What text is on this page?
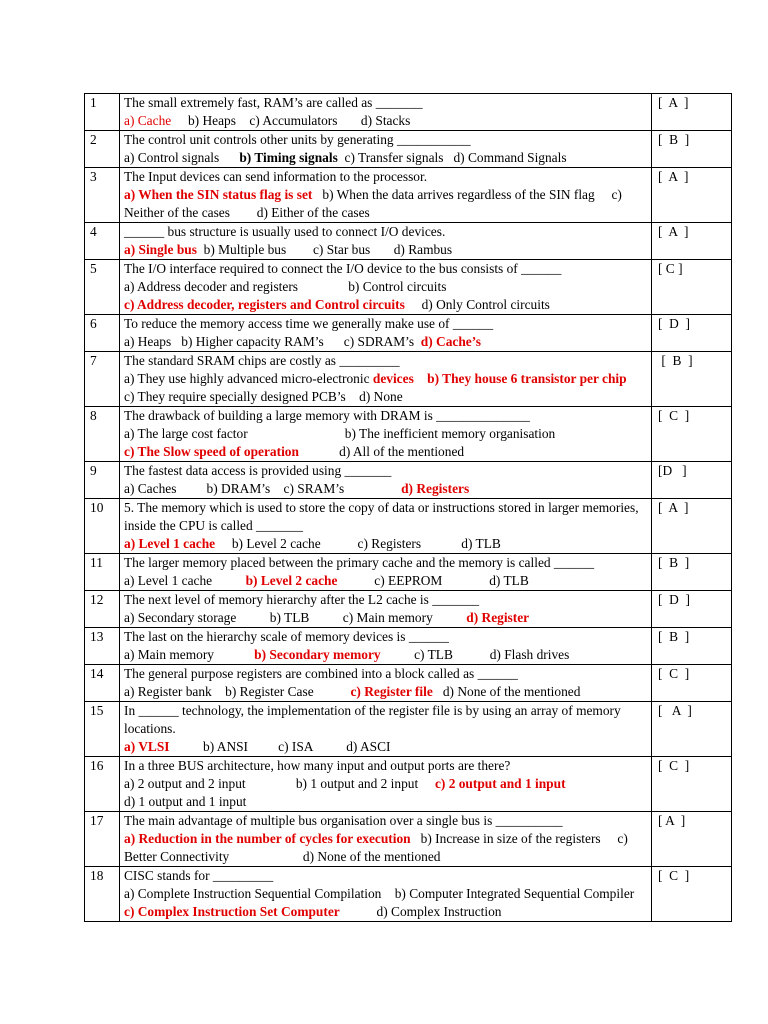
1	The small extremely fast, RAM’s are called as _______
a) Cache     b) Heaps    c) Accumulators       d) Stacks	[  A  ]
2	The control unit controls other units by generating ___________
a) Control signals      b) Timing signals  c) Transfer signals   d) Command Signals	[  B  ]
3	The Input devices can send information to the processor.
a) When the SIN status flag is set   b) When the data arrives regardless of the SIN flag     c) Neither of the cases        d) Either of the cases	[  A  ]
4	______ bus structure is usually used to connect I/O devices.
a) Single bus  b) Multiple bus        c) Star bus       d) Rambus	[  A  ]
5	The I/O interface required to connect the I/O device to the bus consists of ______
a) Address decoder and registers               b) Control circuits
c) Address decoder, registers and Control circuits     d) Only Control circuits	[ C ]
6	To reduce the memory access time we generally make use of ______
a) Heaps   b) Higher capacity RAM’s      c) SDRAM’s  d) Cache’s	[  D  ]
7	The standard SRAM chips are costly as _________
a) They use highly advanced micro-electronic devices    b) They house 6 transistor per chip    c) They require specially designed PCB’s    d) None	[  B  ]
8	The drawback of building a large memory with DRAM is ______________
a) The large cost factor                             b) The inefficient memory organisation
c) The Slow speed of operation            d) All of the mentioned	[  C  ]
9	The fastest data access is provided using _______
a) Caches         b) DRAM’s    c) SRAM’s                 d) Registers	[D   ]
10	5. The memory which is used to store the copy of data or instructions stored in larger memories, inside the CPU is called _______
a) Level 1 cache     b) Level 2 cache           c) Registers            d) TLB	[  A  ]
11	The larger memory placed between the primary cache and the memory is called ______
a) Level 1 cache          b) Level 2 cache           c) EEPROM              d) TLB	[  B  ]
12	The next level of memory hierarchy after the L2 cache is _______
a) Secondary storage          b) TLB          c) Main memory          d) Register	[  D  ]
13	The last on the hierarchy scale of memory devices is ______
a) Main memory            b) Secondary memory          c) TLB           d) Flash drives	[  B  ]
14	The general purpose registers are combined into a block called as ______
a) Register bank    b) Register Case           c) Register file   d) None of the mentioned	[  C  ]
15	In ______ technology, the implementation of the register file is by using an array of memory locations.
a) VLSI          b) ANSI         c) ISA          d) ASCI	[   A  ]
16	In a three BUS architecture, how many input and output ports are there?
a) 2 output and 2 input               b) 1 output and 2 input     c) 2 output and 1 input
d) 1 output and 1 input	[  C  ]
17	The main advantage of multiple bus organisation over a single bus is __________
a) Reduction in the number of cycles for execution   b) Increase in size of the registers     c) Better Connectivity                      d) None of the mentioned	[ A  ]
18	CISC stands for _________
a) Complete Instruction Sequential Compilation    b) Computer Integrated Sequential Compiler         c) Complex Instruction Set Computer           d) Complex Instruction	[  C  ]
